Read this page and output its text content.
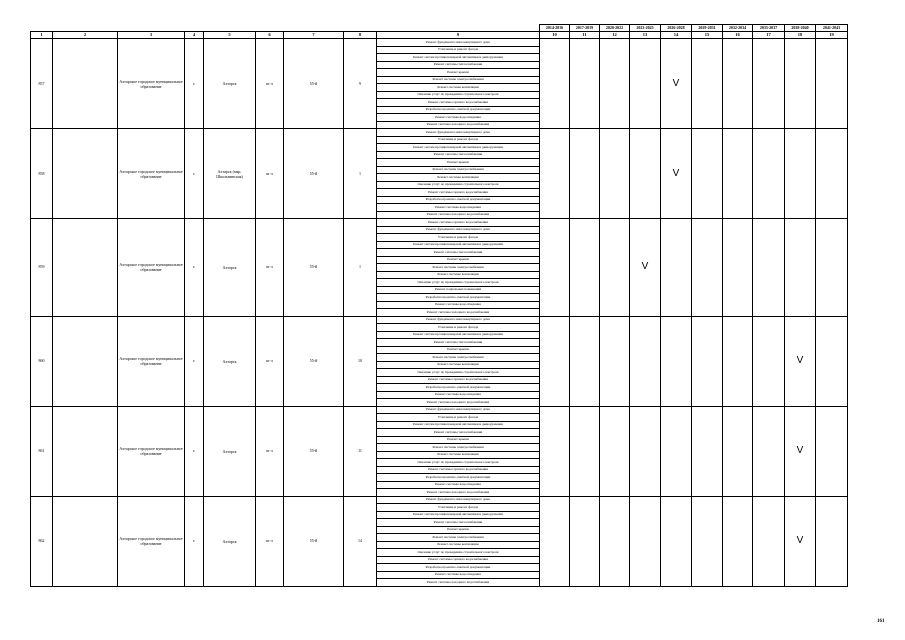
									2014-2016	2017-2019	2020-2022	2023-2025	2026-2028	2029-2031	2032-2034	2035-2037	2038-2040	2041-2043
1	2	3	4	5	6	7	8	9	10	11	12	13	14	15	16	17	18	19
857		Ахтарское городское муниципальное образование	г.	Ахтарск	ш-л	55-й	9	Ремонт фундамента многоквартирного дома					V					
								Утепление и ремонт фасада										
								Ремонт систем противопожарной автоматики и дымоудаления										
								Ремонт системы теплоснабжения										
								Ремонт крыши										
								Ремонт системы электроснабжения										
								Ремонт системы вентиляции										
								Оказание услуг по проведению строительного контроля										
								Ремонт системы горячего водоснабжения										
								Разработка проектно-сметной документации										
								Ремонт системы водоотведения										
								Ремонт системы холодного водоснабжения										
858		Ахтарское городское муниципальное образование	г.	Ахтарск (мкр. Школьнинская)	ш-л	55-й	1	Ремонт фундамента многоквартирного дома					V					
								Утепление и ремонт фасада										
								Ремонт систем противопожарной автоматики и дымоудаления										
								Ремонт системы теплоснабжения										
								Ремонт крыши										
								Ремонт системы электроснабжения										
								Ремонт системы вентиляции										
								Оказание услуг по проведению строительного контроля										
								Ремонт системы горячего водоснабжения										
								Разработка проектно-сметной документации										
								Ремонт системы водоотведения										
								Ремонт системы холодного водоснабжения										
859		Ахтарское городское муниципальное образование	г.	Ахтарск	ш-л	55-й	1	Ремонт системы горячего водоснабжения				V						
								Ремонт фундамента многоквартирного дома										
								Утепление и ремонт фасада										
								Ремонт систем противопожарной автоматики и дымоудаления										
								Ремонт системы теплоснабжения										
								Ремонт крыши										
								Ремонт системы электроснабжения										
								Ремонт системы вентиляции										
								Оказание услуг по проведению строительного контроля										
								Ремонт подвальных помещений										
								Разработка проектно-сметной документации										
								Ремонт системы водоотведения										
								Ремонт системы холодного водоснабжения										
860		Ахтарское городское муниципальное образование	г.	Ахтарск	ш-л	55-й	10	Ремонт фундамента многоквартирного дома									V	
								Утепление и ремонт фасада										
								Ремонт систем противопожарной автоматики и дымоудаления										
								Ремонт системы теплоснабжения										
								Ремонт крыши										
								Ремонт системы электроснабжения										
								Ремонт системы вентиляции										
								Оказание услуг по проведению строительного контроля										
								Ремонт системы горячего водоснабжения										
								Разработка проектно-сметной документации										
								Ремонт системы водоотведения										
								Ремонт системы холодного водоснабжения										
861		Ахтарское городское муниципальное образование	г.	Ахтарск	ш-л	55-й	11	Ремонт фундамента многоквартирного дома									V	
								Утепление и ремонт фасада										
								Ремонт систем противопожарной автоматики и дымоудаления										
								Ремонт системы теплоснабжения										
								Ремонт крыши										
								Ремонт системы электроснабжения										
								Ремонт системы вентиляции										
								Оказание услуг по проведению строительного контроля										
								Ремонт системы горячего водоснабжения										
								Разработка проектно-сметной документации										
								Ремонт системы водоотведения										
								Ремонт системы холодного водоснабжения										
862		Ахтарское городское муниципальное образование	г.	Ахтарск	ш-л	55-й	14	Ремонт фундамента многоквартирного дома									V	
								Утепление и ремонт фасада										
								Ремонт систем противопожарной автоматики и дымоудаления										
								Ремонт системы теплоснабжения										
								Ремонт крыши										
								Ремонт системы электроснабжения										
								Ремонт системы вентиляции										
								Оказание услуг по проведению строительного контроля										
								Ремонт системы горячего водоснабжения										
								Разработка проектно-сметной документации										
								Ремонт системы водоотведения										
								Ремонт системы холодного водоснабжения										
161
